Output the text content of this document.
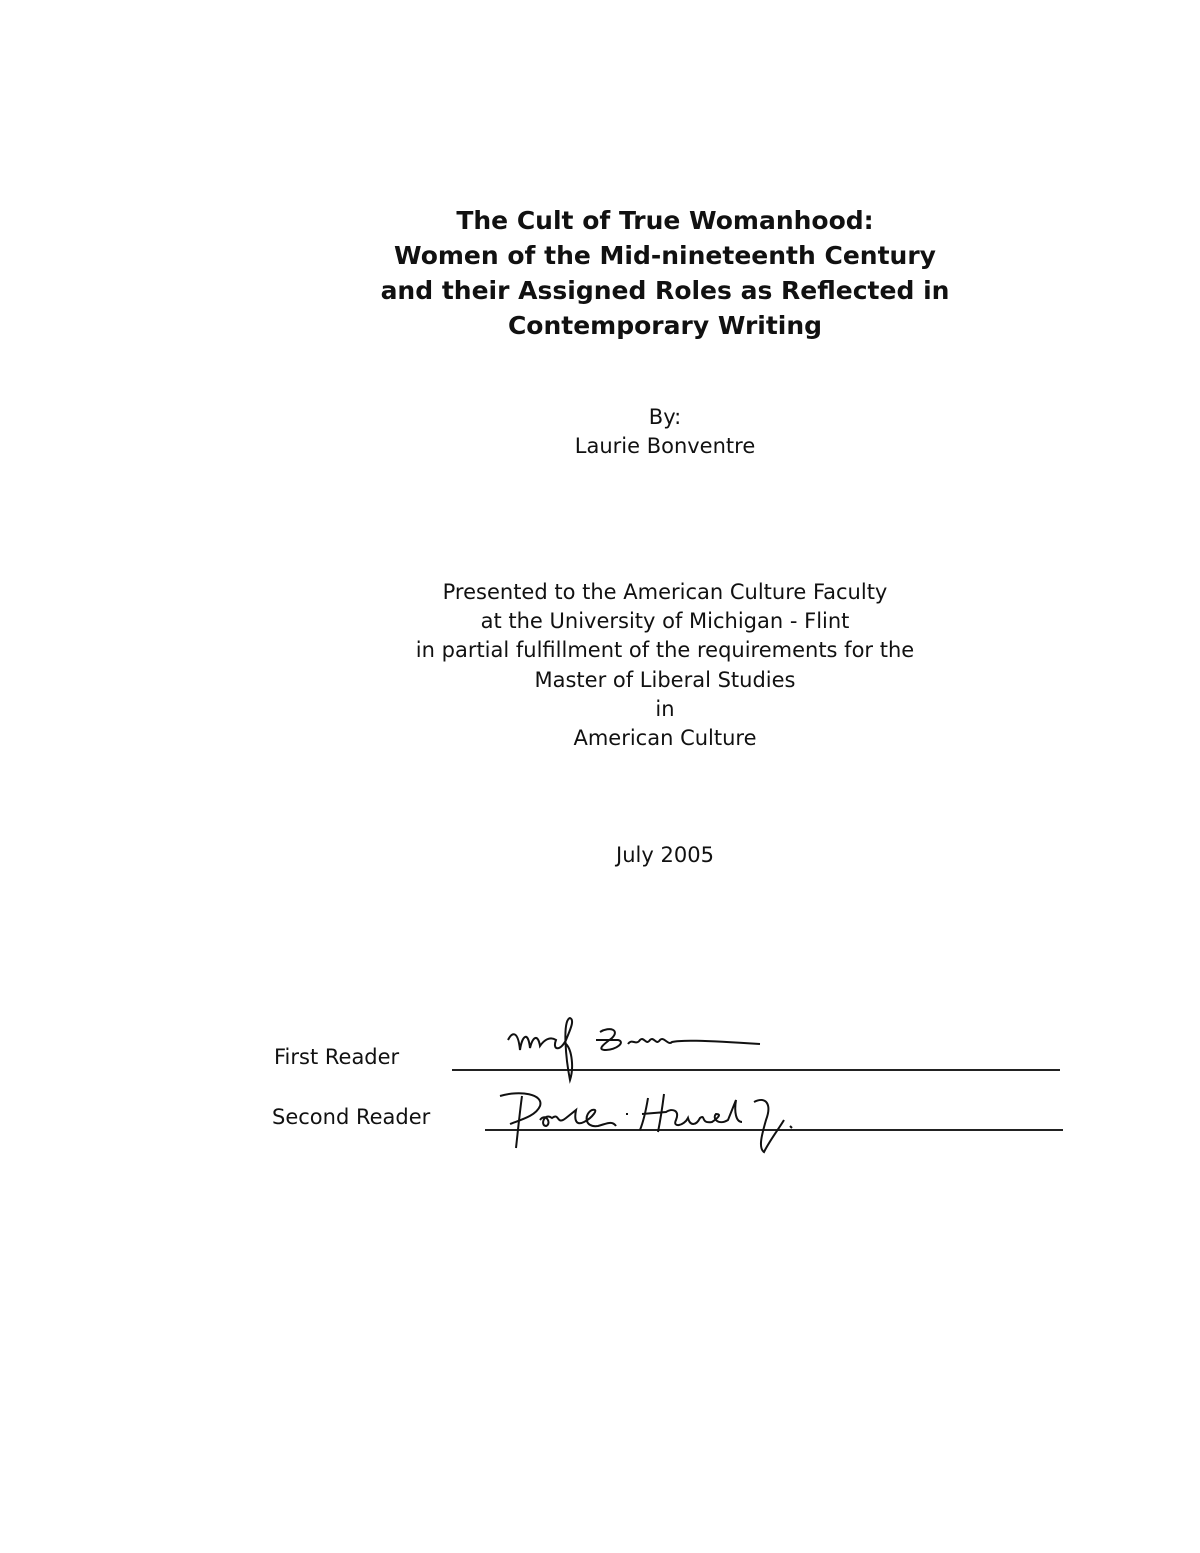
The Cult of True Womanhood:
Women of the Mid-nineteenth Century
and their Assigned Roles as Reflected in
Contemporary Writing
By:
Laurie Bonventre
Presented to the American Culture Faculty
at the University of Michigan - Flint
in partial fulfillment of the requirements for the
Master of Liberal Studies
in
American Culture
July 2005
First Reader
Second Reader
